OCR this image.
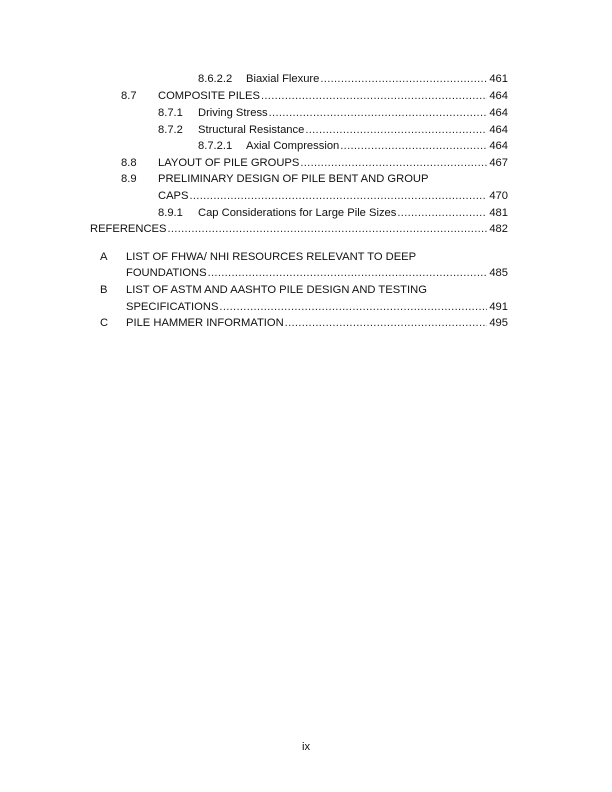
8.6.2.2	Biaxial Flexure .....	461
8.7	COMPOSITE PILES .....	464
8.7.1	Driving Stress .....	464
8.7.2	Structural Resistance .....	464
8.7.2.1	Axial Compression .....	464
8.8	LAYOUT OF PILE GROUPS .....	467
8.9	PRELIMINARY DESIGN OF PILE BENT AND GROUP
CAPS .....	470
8.9.1	Cap Considerations for Large Pile Sizes .....	481
REFERENCES .....	482
A	LIST OF FHWA/ NHI RESOURCES RELEVANT TO DEEP
FOUNDATIONS .....	485
B	LIST OF ASTM AND AASHTO PILE DESIGN AND TESTING
SPECIFICATIONS .....	491
C	PILE HAMMER INFORMATION .....	495
ix
